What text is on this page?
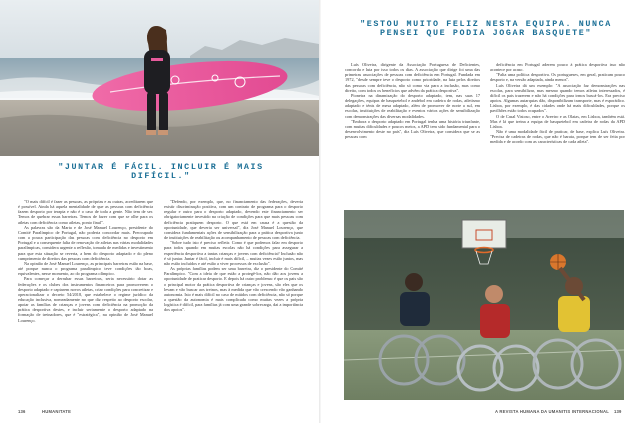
"JUNTAR É FÁCIL. INCLUIR É MAIS DIFÍCIL."

"O mais difícil é fazer as pessoas, as próprias e as outras, acreditarem que é possível. Ainda há aquela mentalidade de que as pessoas com deficiência fazem desporto por terapia e não é o caso de toda a gente. Não tem de ser. Temos de quebrar essas barreiras. Temos de fazer com que se olhe para os atletas com deficiência como atletas, ponto final".

As palavras são da Marta e de José Manuel Lourenço, presidente do Comité Paralímpico de Portugal, não poderia concordar mais. Preocupado com a pouca participação das pessoas com deficiência no desporto em Portugal e a consequente falta de renovação de atletas nas várias modalidades paralímpicas, considera urgente a reflexão, tomada de medidas e investimento para que esta situação se reverta, a bem do desporto adaptado e do pleno cumprimento de direitos das pessoas com deficiência.

Na opinião de José Manuel Lourenço, as principais barreiras estão na base, até porque nunca o programa paralímpico teve condições tão boas, equivalentes, nesse momento, ao do programa olímpico.

Para começar a derrubar essas barreiras, seria necessário dotar as federações e os clubes dos instrumentos financeiros para promoverem o desporto adaptado e captarem novos atletas, criar condições para concretizar e operacionalizar o decreto 54/2018, que estabelece o regime jurídico da educação inclusiva, nomeadamente no que diz respeito ao desporto escolar, apoiar as famílias de crianças e jovens com deficiência na promoção da prática desportiva destes, e incluir seriamente o desporto adaptado na formação de treinadores, que é "estratégica", na opinião de José Manuel Lourenço.

"Defendo, por exemplo, que, no financiamento das federações, deveria existir discriminação positiva, com um contrato de programa para o desporto regular e outro para o desporto adaptado, devendo este financiamento ser obrigatoriamente investido na criação de condições para que mais pessoas com deficiência pratiquem desporto. O que está em causa é a questão da oportunidade, que deveria ser universal", diz José Manuel Lourenço, que considera fundamentais ações de sensibilização para a prática desportiva junto de instituições de reabilitação ou acompanhamento de pessoas com deficiência.

"Sobre tudo isto é preciso refletir. Como é que podemos falar em desporto para todos quando em muitas escolas não há condições para assegurar a experiência desportiva a tantas crianças e jovens com deficiência? Inclusão não é só juntar. Juntar é fácil, incluir é mais difícil, – muitas vezes estão juntos, mas não estão incluídos e até estão a viver processos de exclusão".

As próprias famílias podem ser uma barreira, diz o presidente do Comité Paralímpico. "Com a ideia de que estão a protegê-los, não dão aos jovens a oportunidade de praticar desporto. E depois há outro problema: é que os pais são o principal motor da prática desportiva de crianças e jovens, são eles que os levam e vão buscar aos treinos, mas à medida que vão crescendo vão ganhando autonomia. Isto é mais difícil no caso de miúdos com deficiência, não só porque a questão da autonomia é mais complicada como muitas vezes a própria logística é difícil, para famílias já com uma grande sobrecarga, dai a importância dos apoios".

"ESTOU MUITO FELIZ NESTA EQUIPA. NUNCA PENSEI QUE PODIA JOGAR BASQUETE"

Luís Oliveira, dirigente da Associação Portuguesa de Deficientes, concorda e luta por isso todos os dias. A associação que dirige foi uma das primeiras associações de pessoas com deficiência em Portugal. Fundada em 1972, "desde sempre teve o desporto como prioridade, na luta pelos direitos das pessoas com deficiência, não só como via para a inclusão, mas como direito, com todos os benefícios que advêm da prática desportiva".

Pioneira na dinamização do desporto adaptado, tem, nas suas 17 delegações, equipas de basquetebol e andebol em cadeira de rodas, atletismo adaptado e ténis de mesa adaptado, além de promover de norte a sul, em escolas, instituições de reabilitação e eventos vários ações de sensibilização com demonstrações das diversas modalidades.

"Embora o desporto adaptado em Portugal tenha uma história triunfante, com muitas dificuldades e poucos meios, a APD tem sido fundamental para o desenvolvimento deste no país", diz Luís Oliveira, que considera que se as pessoas com

deficiência em Portugal aderem pouco à prática desportiva isso não acontece por acaso.

"Falta uma política desportiva. Os portugueses, em geral, praticam pouco desporto e, na versão adaptada, ainda menos".

Luís Oliveira dá um exemplo: "A associação faz demonstrações nas escolas, para sensibilizar, mas mesmo quando temos atletas interessados, é difícil os pais trazerem e não há condições para irmos buscá-los. Era preciso apoios. Algumas autarquias dão, disponibilizam transporte, mas é esporádico. Lisboa, por exemplo, é das cidades onde há mais dificuldades, porque os pavilhões estão todos ocupados".

O de Casal Vistoso, entre o Areeiro e as Olaias, em Lisboa, também está. Mas é lá que treina a equipa de basquetebol em cadeira de rodas da APD Lisboa.

Não é uma modalidade fácil de praticar, de base, explica Luís Oliveira. "Precisa de cadeiras de rodas, que não é barata, porque tem de ser feita por medida e de acordo com as características de cada atleta".

136	HUMANITATE	A REVISTA HUMANA DA UMANITIS INTERNACIONAL 139
